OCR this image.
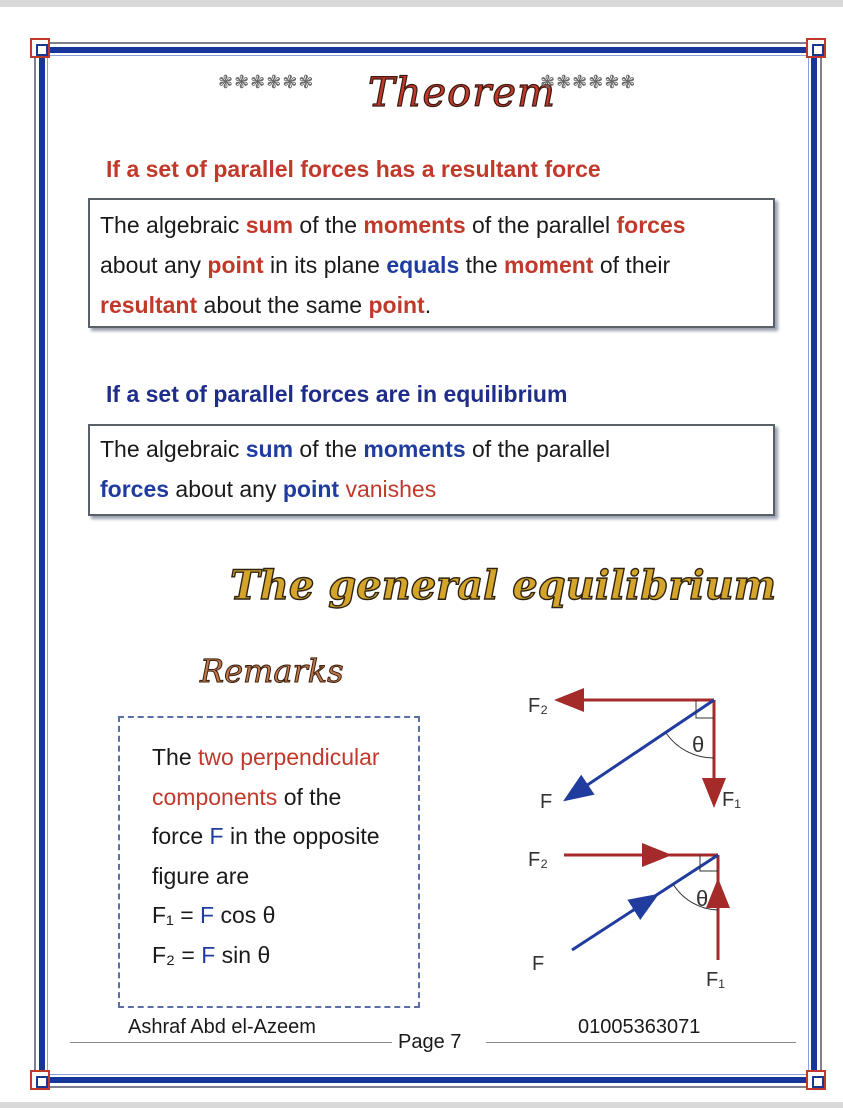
❃❃❃❃❃❃ Theorem
❃❃❃❃❃❃
If a set of parallel forces has a resultant force
The algebraic sum of the moments of the parallel forces
about any point in its plane equals the moment of their
resultant about the same point.
If a set of parallel forces are in equilibrium
The algebraic sum of the moments of the parallel
forces about any point vanishes
The general equilibrium
Remarks
The two perpendicular
components of the
force F in the opposite
figure are
F₁ = F cos θ
F₂ = F sin θ
F₂
F	F₁
θ
F₂
F
F₁
θ
Ashraf Abd el-Azeem
Page 7
01005363071
